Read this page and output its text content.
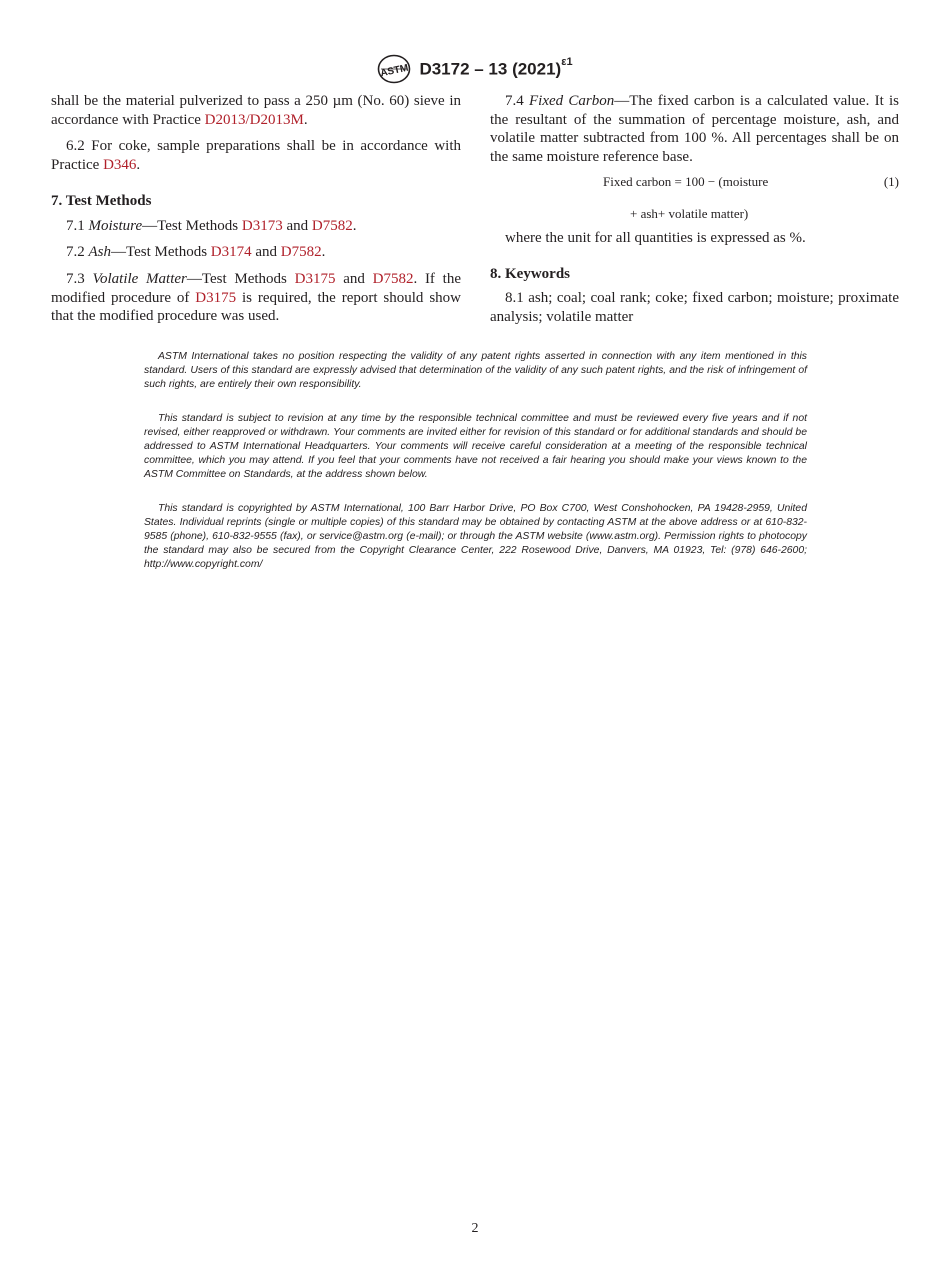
ASTM D3172 – 13 $(2021)^{\varepsilon 1}$

shall be the material pulverized to pass a 250 µm (No. 60) sieve in accordance with Practice D2013/D2013M.

6.2 For coke, sample preparations shall be in accordance with Practice D346.

7. Test Methods

7.1 Moisture—Test Methods D3173 and D7582.

7.2 Ash—Test Methods D3174 and D7582.

7.3 Volatile Matter—Test Methods D3175 and D7582. If the modified procedure of D3175 is required, the report should show that the modified procedure was used.

7.4 Fixed Carbon—The fixed carbon is a calculated value. It is the resultant of the summation of percentage moisture, ash, and volatile matter subtracted from 100 %. All percentages shall be on the same moisture reference base.

Fixed carbon = 100 − (moisture	(1)
+ ash+ volatile matter)

where the unit for all quantities is expressed as %.

8. Keywords

8.1 ash; coal; coal rank; coke; fixed carbon; moisture; proximate analysis; volatile matter

ASTM International takes no position respecting the validity of any patent rights asserted in connection with any item mentioned in this standard. Users of this standard are expressly advised that determination of the validity of any such patent rights, and the risk of infringement of such rights, are entirely their own responsibility.

This standard is subject to revision at any time by the responsible technical committee and must be reviewed every five years and if not revised, either reapproved or withdrawn. Your comments are invited either for revision of this standard or for additional standards and should be addressed to ASTM International Headquarters. Your comments will receive careful consideration at a meeting of the responsible technical committee, which you may attend. If you feel that your comments have not received a fair hearing you should make your views known to the ASTM Committee on Standards, at the address shown below.

This standard is copyrighted by ASTM International, 100 Barr Harbor Drive, PO Box C700, West Conshohocken, PA 19428-2959, United States. Individual reprints (single or multiple copies) of this standard may be obtained by contacting ASTM at the above address or at 610-832-9585 (phone), 610-832-9555 (fax), or service@astm.org (e-mail); or through the ASTM website (www.astm.org). Permission rights to photocopy the standard may also be secured from the Copyright Clearance Center, 222 Rosewood Drive, Danvers, MA 01923, Tel: (978) 646-2600; http://www.copyright.com/

2
